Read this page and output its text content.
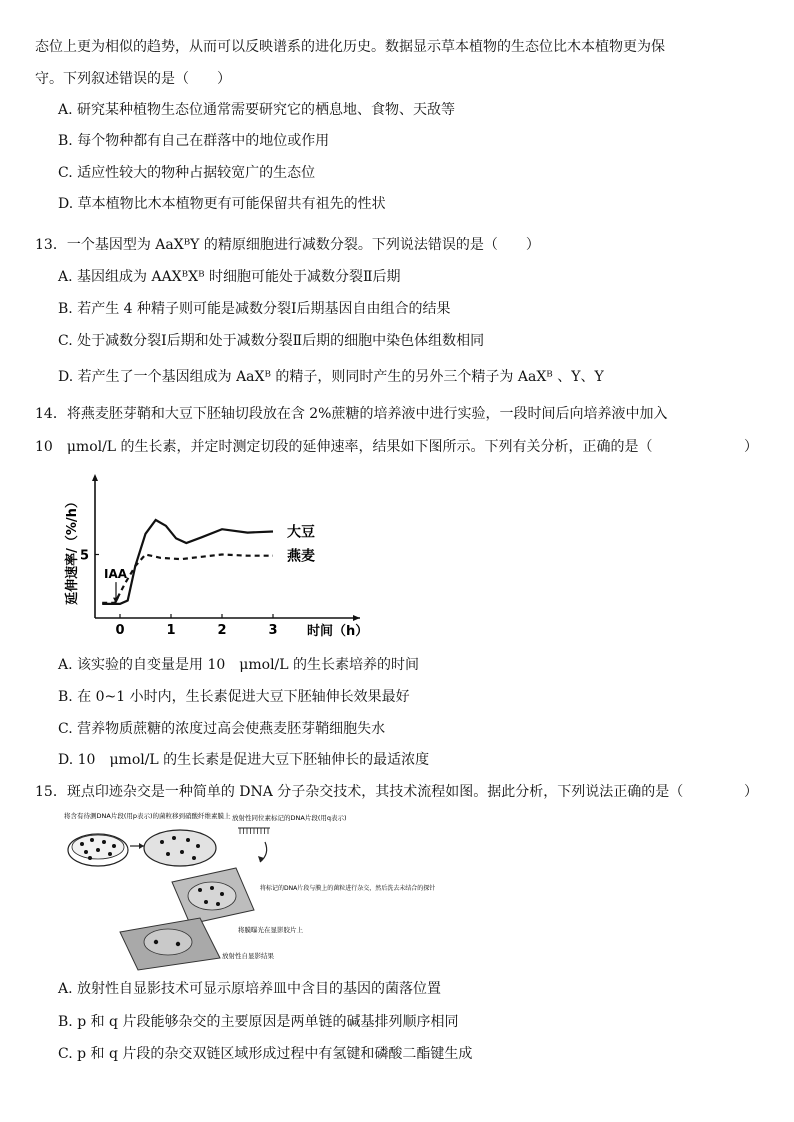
态位上更为相似的趋势，从而可以反映谱系的进化历史。数据显示草本植物的生态位比木本植物更为保
守。下列叙述错误的是（　　）
A. 研究某种植物生态位通常需要研究它的栖息地、食物、天敌等
B. 每个物种都有自己在群落中的地位或作用
C. 适应性较大的物种占据较宽广的生态位
D. 草本植物比木本植物更有可能保留共有祖先的性状
13．一个基因型为 AaXᴮY 的精原细胞进行减数分裂。下列说法错误的是（　　）
A. 基因组成为 AAXᴮXᴮ 时细胞可能处于减数分裂Ⅱ后期
B. 若产生 4 种精子则可能是减数分裂Ⅰ后期基因自由组合的结果
C. 处于减数分裂Ⅰ后期和处于减数分裂Ⅱ后期的细胞中染色体组数相同
D. 若产生了一个基因组成为 AaXᴮ 的精子，则同时产生的另外三个精子为 AaXᴮ 、Y、Y
14．将燕麦胚芽鞘和大豆下胚轴切段放在含 2%蔗糖的培养液中进行实验，一段时间后向培养液中加入
10　μmol/L 的生长素，并定时测定切段的延伸速率，结果如下图所示。下列有关分析，正确的是（	）
0	1	2	3
5
时间（h）
延伸速率/（%/h）	大豆
燕麦
IAA
A. 该实验的自变量是用 10　μmol/L 的生长素培养的时间
B. 在 0~1 小时内，生长素促进大豆下胚轴伸长效果最好
C. 营养物质蔗糖的浓度过高会使燕麦胚芽鞘细胞失水
D. 10　μmol/L 的生长素是促进大豆下胚轴伸长的最适浓度
15．斑点印迹杂交是一种简单的 DNA 分子杂交技术，其技术流程如图。据此分析，下列说法正确的是（	）
将含有待测DNA片段(用p表示)的菌粒移到硝酸纤维素膜上 放射性同位素标记的DNA片段(用q表示)
将标记的DNA片段与膜上的菌粒进行杂交，然后洗去未结合的探针
将膜曝光在显影胶片上
放射性自显影结果
A. 放射性自显影技术可显示原培养皿中含目的基因的菌落位置
B. p 和 q 片段能够杂交的主要原因是两单链的碱基排列顺序相同
C. p 和 q 片段的杂交双链区域形成过程中有氢键和磷酸二酯键生成
